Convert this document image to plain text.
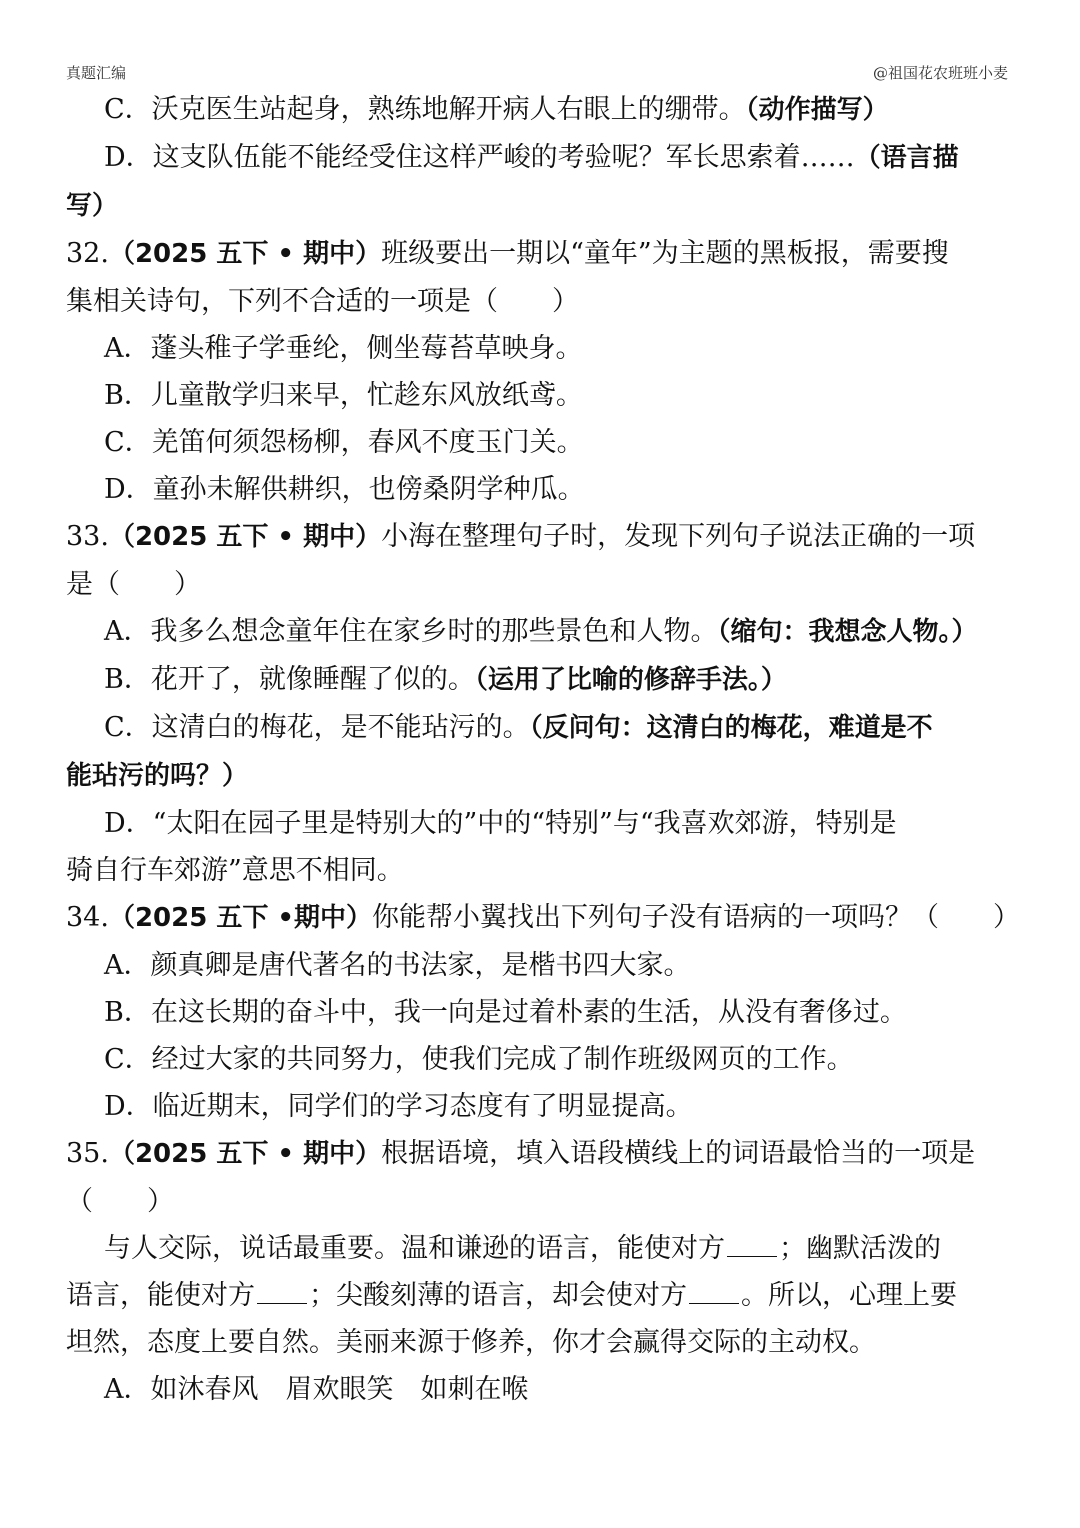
真题汇编	@祖国花农班班小麦
C．沃克医生站起身，熟练地解开病人右眼上的绷带。（动作描写）
D．这支队伍能不能经受住这样严峻的考验呢？军长思索着……（语言描
写）
32.（2025 五下 • 期中）班级要出一期以“童年”为主题的黑板报，需要搜
集相关诗句，下列不合适的一项是（　　）
A．蓬头稚子学垂纶，侧坐莓苔草映身。
B．儿童散学归来早，忙趁东风放纸鸢。
C．羌笛何须怨杨柳，春风不度玉门关。
D．童孙未解供耕织，也傍桑阴学种瓜。
33.（2025 五下 • 期中）小海在整理句子时，发现下列句子说法正确的一项
是（　　）
A．我多么想念童年住在家乡时的那些景色和人物。（缩句：我想念人物。）
B．花开了，就像睡醒了似的。（运用了比喻的修辞手法。）
C．这清白的梅花，是不能玷污的。（反问句：这清白的梅花，难道是不
能玷污的吗？）
D．“太阳在园子里是特别大的”中的“特别”与“我喜欢郊游，特别是
骑自行车郊游”意思不相同。
34.（2025 五下 •期中）你能帮小翼找出下列句子没有语病的一项吗？（　　）
A．颜真卿是唐代著名的书法家，是楷书四大家。
B．在这长期的奋斗中，我一向是过着朴素的生活，从没有奢侈过。
C．经过大家的共同努力，使我们完成了制作班级网页的工作。
D．临近期末，同学们的学习态度有了明显提高。
35.（2025 五下 • 期中）根据语境，填入语段横线上的词语最恰当的一项是
（　　）
与人交际，说话最重要。温和谦逊的语言，能使对方 ；幽默活泼的
语言，能使对方 ；尖酸刻薄的语言，却会使对方 。所以，心理上要
坦然，态度上要自然。美丽来源于修养，你才会赢得交际的主动权。
A．如沐春风　眉欢眼笑　如刺在喉
